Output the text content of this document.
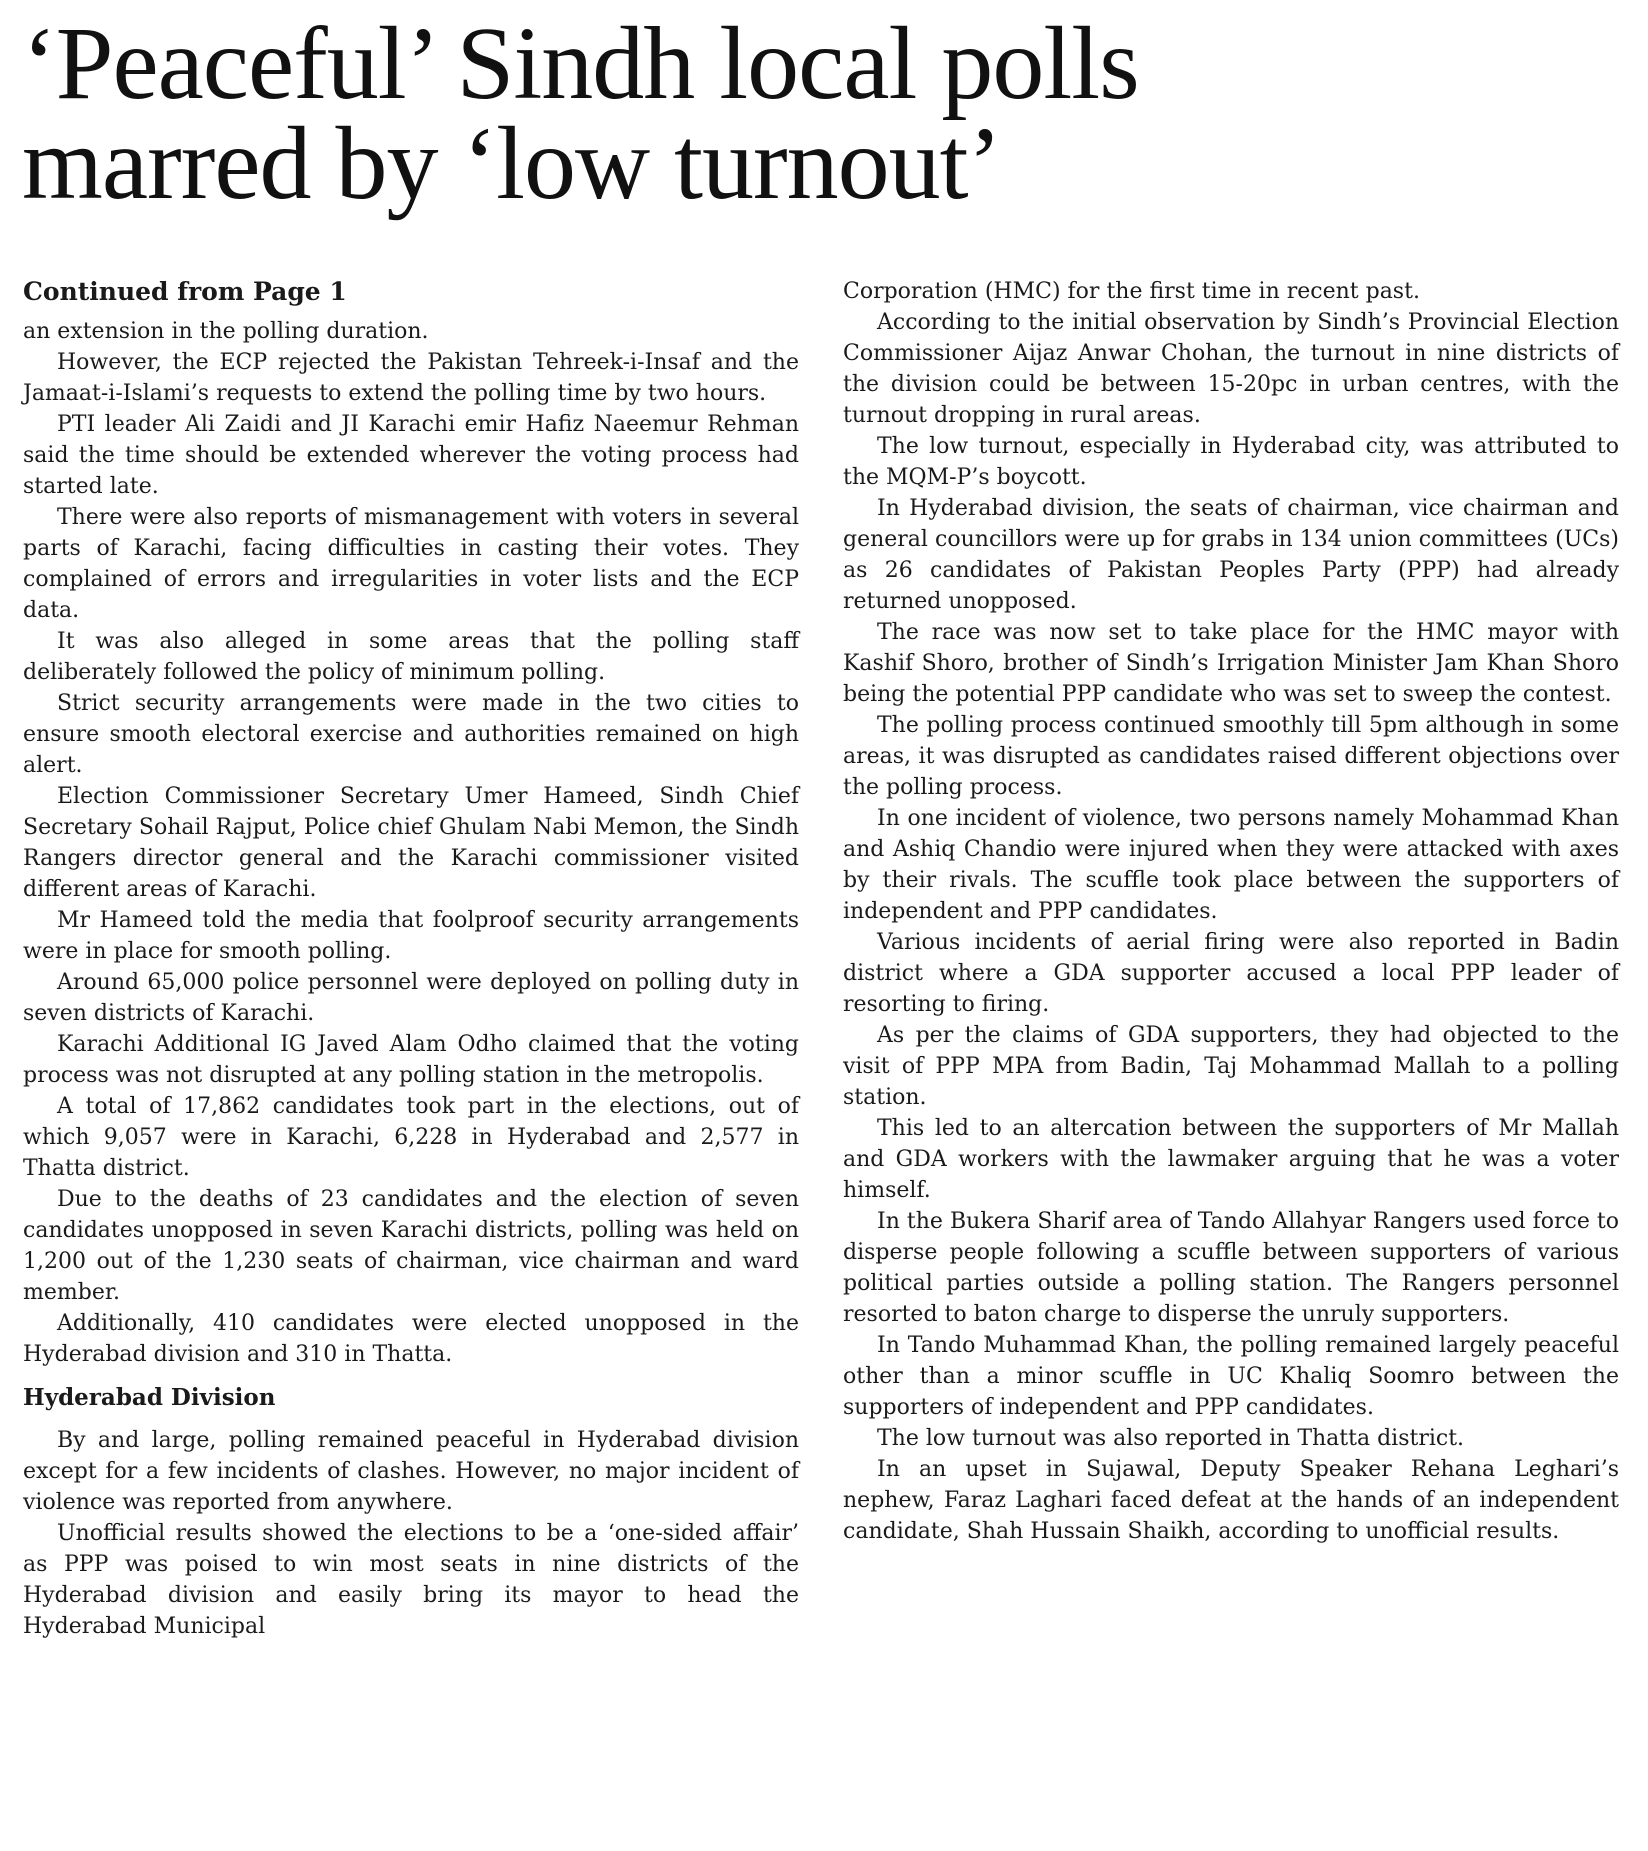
‘Peaceful’ Sindh local polls
marred by ‘low turnout’
Continued from Page 1

an extension in the polling duration.

However, the ECP rejected the Pakistan Tehreek-i-Insaf and the Jamaat-i-Islami’s requests to extend the polling time by two hours.

PTI leader Ali Zaidi and JI Karachi emir Hafiz Naeemur Rehman said the time should be extended wherever the voting process had started late.

There were also reports of mismanagement with voters in several parts of Karachi, facing difficulties in casting their votes. They complained of errors and irregularities in voter lists and the ECP data.

It was also alleged in some areas that the polling staff deliberately followed the policy of minimum polling.

Strict security arrangements were made in the two cities to ensure smooth electoral exercise and authorities remained on high alert.

Election Commissioner Secretary Umer Hameed, Sindh Chief Secretary Sohail Rajput, Police chief Ghulam Nabi Memon, the Sindh Rangers director general and the Karachi commissioner visited different areas of Karachi.

Mr Hameed told the media that foolproof security arrangements were in place for smooth polling.

Around 65,000 police personnel were deployed on polling duty in seven districts of Karachi.

Karachi Additional IG Javed Alam Odho claimed that the voting process was not disrupted at any polling station in the metropolis.

A total of 17,862 candidates took part in the elections, out of which 9,057 were in Karachi, 6,228 in Hyderabad and 2,577 in Thatta district.

Due to the deaths of 23 candidates and the election of seven candidates unopposed in seven Karachi districts, polling was held on 1,200 out of the 1,230 seats of chairman, vice chairman and ward member.

Additionally, 410 candidates were elected unopposed in the Hyderabad division and 310 in Thatta.

Hyderabad Division

By and large, polling remained peaceful in Hyderabad division except for a few incidents of clashes. However, no major incident of violence was reported from anywhere.

Unofficial results showed the elections to be a ‘one-sided affair’ as PPP was poised to win most seats in nine districts of the Hyderabad division and easily bring its mayor to head the Hyderabad Municipal

Corporation (HMC) for the first time in recent past.

According to the initial observation by Sindh’s Provincial Election Commissioner Aijaz Anwar Chohan, the turnout in nine districts of the division could be between 15-20pc in urban centres, with the turnout dropping in rural areas.

The low turnout, especially in Hyderabad city, was attributed to the MQM-P’s boycott.

In Hyderabad division, the seats of chairman, vice chairman and general councillors were up for grabs in 134 union committees (UCs) as 26 candidates of Pakistan Peoples Party (PPP) had already returned unopposed.

The race was now set to take place for the HMC mayor with Kashif Shoro, brother of Sindh’s Irrigation Minister Jam Khan Shoro being the potential PPP candidate who was set to sweep the contest.

The polling process continued smoothly till 5pm although in some areas, it was disrupted as candidates raised different objections over the polling process.

In one incident of violence, two persons namely Mohammad Khan and Ashiq Chandio were injured when they were attacked with axes by their rivals. The scuffle took place between the supporters of independent and PPP candidates.

Various incidents of aerial firing were also reported in Badin district where a GDA supporter accused a local PPP leader of resorting to firing.

As per the claims of GDA supporters, they had objected to the visit of PPP MPA from Badin, Taj Mohammad Mallah to a polling station.

This led to an altercation between the supporters of Mr Mallah and GDA workers with the lawmaker arguing that he was a voter himself.

In the Bukera Sharif area of Tando Allahyar Rangers used force to disperse people following a scuffle between supporters of various political parties outside a polling station. The Rangers personnel resorted to baton charge to disperse the unruly supporters.

In Tando Muhammad Khan, the polling remained largely peaceful other than a minor scuffle in UC Khaliq Soomro between the supporters of independent and PPP candidates.

The low turnout was also reported in Thatta district.

In an upset in Sujawal, Deputy Speaker Rehana Leghari’s nephew, Faraz Laghari faced defeat at the hands of an independent candidate, Shah Hussain Shaikh, according to unofficial results.
